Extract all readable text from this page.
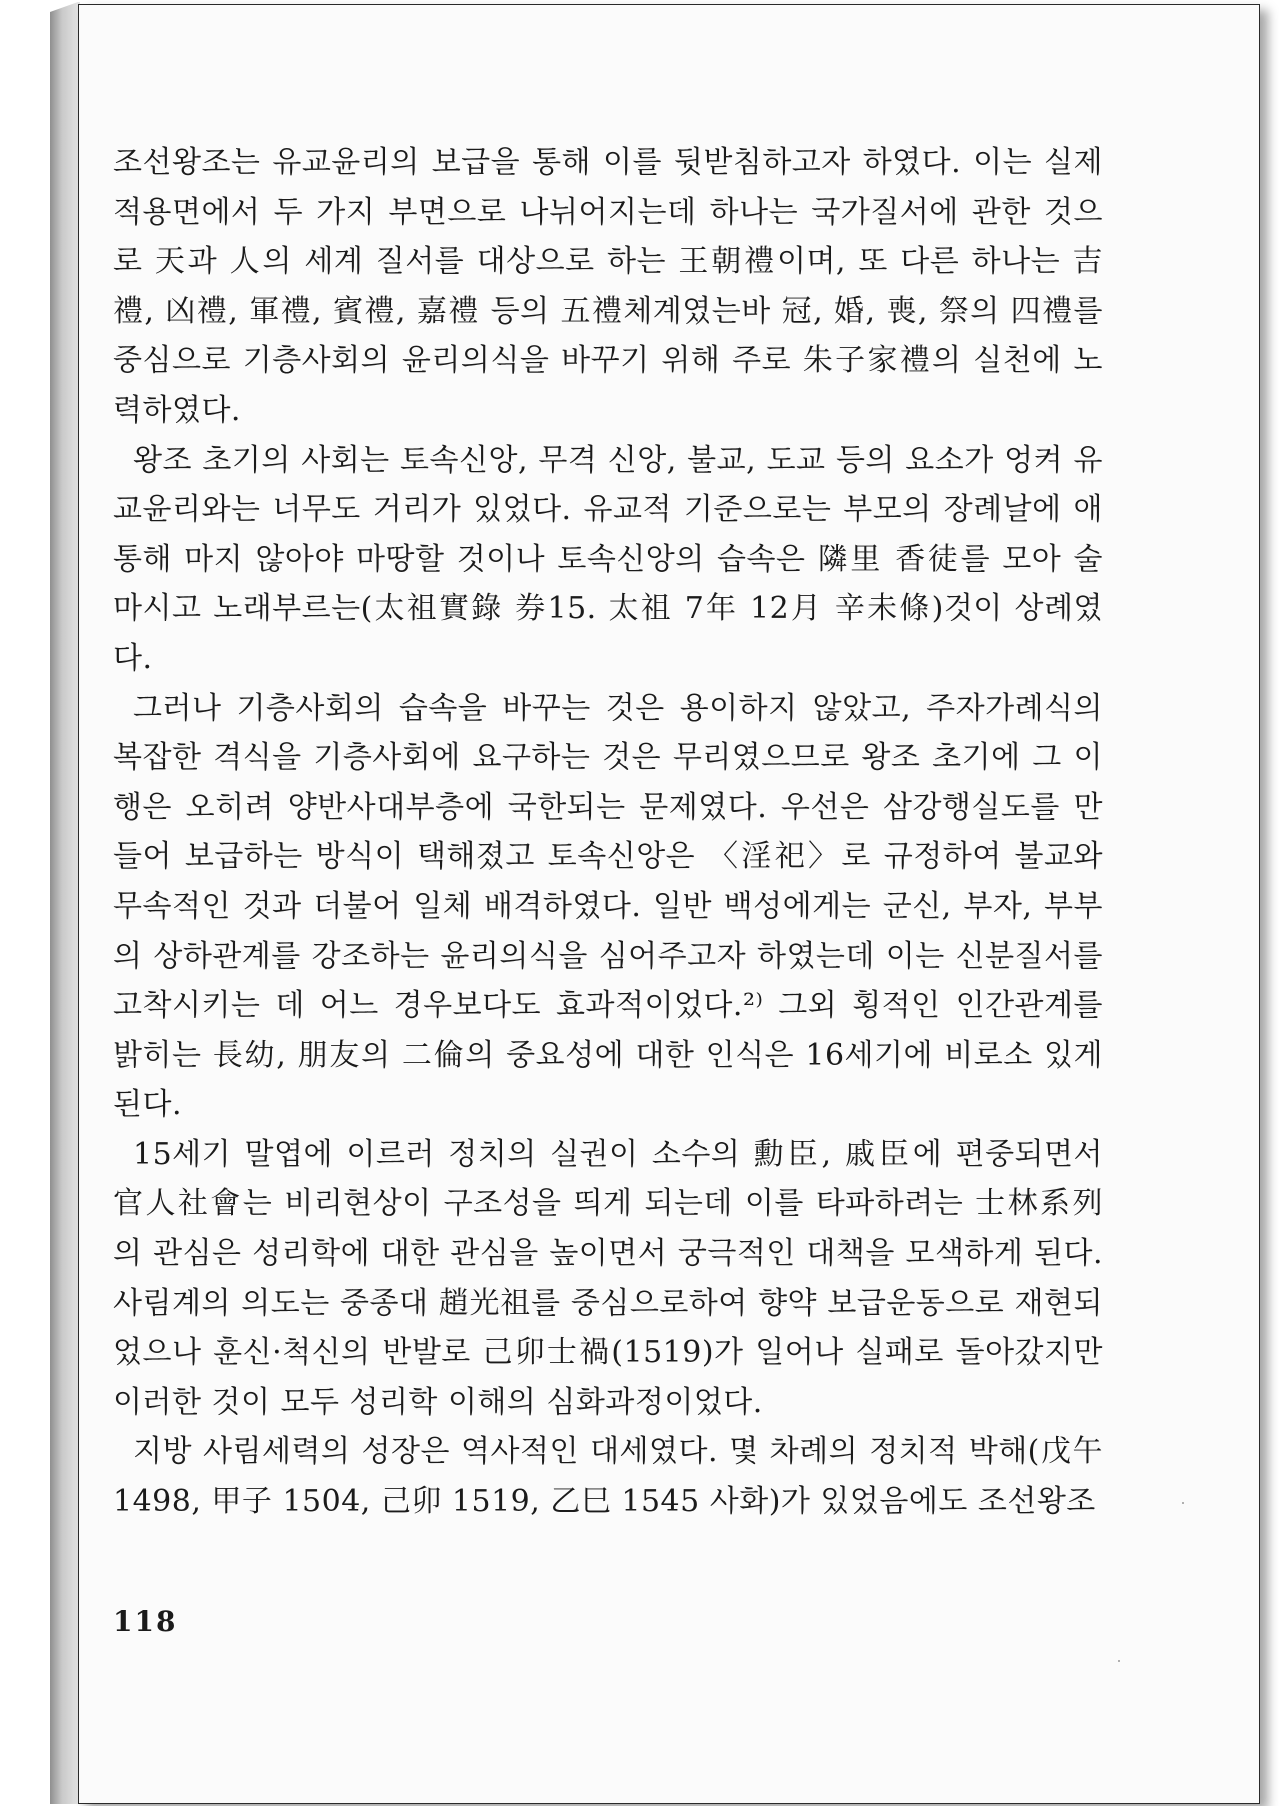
조선왕조는 유교윤리의 보급을 통해 이를 뒷받침하고자 하였다. 이는 실제 적용면에서 두 가지 부면으로 나뉘어지는데 하나는 국가질서에 관한 것으로 天과 人의 세계 질서를 대상으로 하는 王朝禮이며, 또 다른 하나는 吉禮, 凶禮, 軍禮, 賓禮, 嘉禮 등의 五禮체계였는바 冠, 婚, 喪, 祭의 四禮를 중심으로 기층사회의 윤리의식을 바꾸기 위해 주로 朱子家禮의 실천에 노력하였다.

왕조 초기의 사회는 토속신앙, 무격 신앙, 불교, 도교 등의 요소가 엉켜 유교윤리와는 너무도 거리가 있었다. 유교적 기준으로는 부모의 장례날에 애통해 마지 않아야 마땅할 것이나 토속신앙의 습속은 隣里 香徒를 모아 술 마시고 노래부르는(太祖實錄 券15. 太祖 7年 12月 辛未條)것이 상례였다.

그러나 기층사회의 습속을 바꾸는 것은 용이하지 않았고, 주자가례식의 복잡한 격식을 기층사회에 요구하는 것은 무리였으므로 왕조 초기에 그 이행은 오히려 양반사대부층에 국한되는 문제였다. 우선은 삼강행실도를 만들어 보급하는 방식이 택해졌고 토속신앙은 〈淫祀〉로 규정하여 불교와 무속적인 것과 더불어 일체 배격하였다. 일반 백성에게는 군신, 부자, 부부의 상하관계를 강조하는 윤리의식을 심어주고자 하였는데 이는 신분질서를 고착시키는 데 어느 경우보다도 효과적이었다.²⁾ 그외 횡적인 인간관계를 밝히는 長幼, 朋友의 二倫의 중요성에 대한 인식은 16세기에 비로소 있게 된다.

15세기 말엽에 이르러 정치의 실권이 소수의 勳臣, 戚臣에 편중되면서 官人社會는 비리현상이 구조성을 띄게 되는데 이를 타파하려는 士林系列의 관심은 성리학에 대한 관심을 높이면서 궁극적인 대책을 모색하게 된다. 사림계의 의도는 중종대 趙光祖를 중심으로하여 향약 보급운동으로 재현되었으나 훈신·척신의 반발로 己卯士禍(1519)가 일어나 실패로 돌아갔지만 이러한 것이 모두 성리학 이해의 심화과정이었다.

지방 사림세력의 성장은 역사적인 대세였다. 몇 차례의 정치적 박해(戊午 1498, 甲子 1504, 己卯 1519, 乙巳 1545 사화)가 있었음에도 조선왕조

118
